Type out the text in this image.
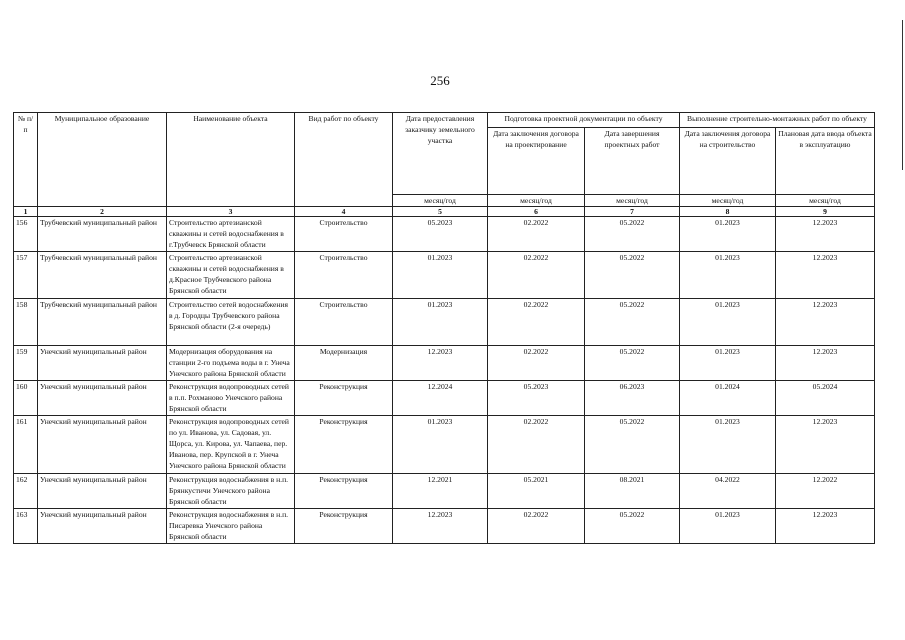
256
№ п/п	Муниципальное образование	Наименование объекта	Вид работ по объекту	Дата предоставления заказчику земельного участка	Подготовка проектной документации по объекту		Выполнение строительно-монтажных работ по объекту	
					Дата заключения договора на проектирование	Дата завершения проектных работ	Дата заключения договора на строительство	Плановая дата ввода объекта в эксплуатацию
				месяц/год	месяц/год	месяц/год	месяц/год	месяц/год
1	2	3	4	5	6	7	8	9
156	Трубчевский муниципальный район	Строительство артезианской скважины и сетей водоснабжения в г.Трубчевск Брянской области	Строительство	05.2023	02.2022	05.2022	01.2023	12.2023
157	Трубчевский муниципальный район	Строительство артезианской скважины и сетей водоснабжения в д.Красное Трубчевского района Брянской области	Строительство	01.2023	02.2022	05.2022	01.2023	12.2023
158	Трубчевский муниципальный район	Строительство сетей водоснабжения в д. Городцы Трубчевского района Брянской области (2-я очередь)	Строительство	01.2023	02.2022	05.2022	01.2023	12.2023
159	Унечский муниципальный район	Модернизация оборудования на станции 2-го подъема воды в г. Унеча Унечского района Брянской области	Модернизация	12.2023	02.2022	05.2022	01.2023	12.2023
160	Унечский муниципальный район	Реконструкция водопроводных сетей в п.п. Рохманово Унечского района Брянской области	Реконструкция	12.2024	05.2023	06.2023	01.2024	05.2024
161	Унечский муниципальный район	Реконструкция водопроводных сетей по ул. Иванова, ул. Садовая, ул. Щорса, ул. Кирова, ул. Чапаева, пер. Иванова, пер. Крупской в г. Унеча Унечского района Брянской области	Реконструкция	01.2023	02.2022	05.2022	01.2023	12.2023
162	Унечский муниципальный район	Реконструкция водоснабжения в н.п. Брянкустичи Унечского района Брянской области	Реконструкция	12.2021	05.2021	08.2021	04.2022	12.2022
163	Унечский муниципальный район	Реконструкция водоснабжения в н.п. Писаревка Унечского района Брянской области	Реконструкция	12.2023	02.2022	05.2022	01.2023	12.2023
